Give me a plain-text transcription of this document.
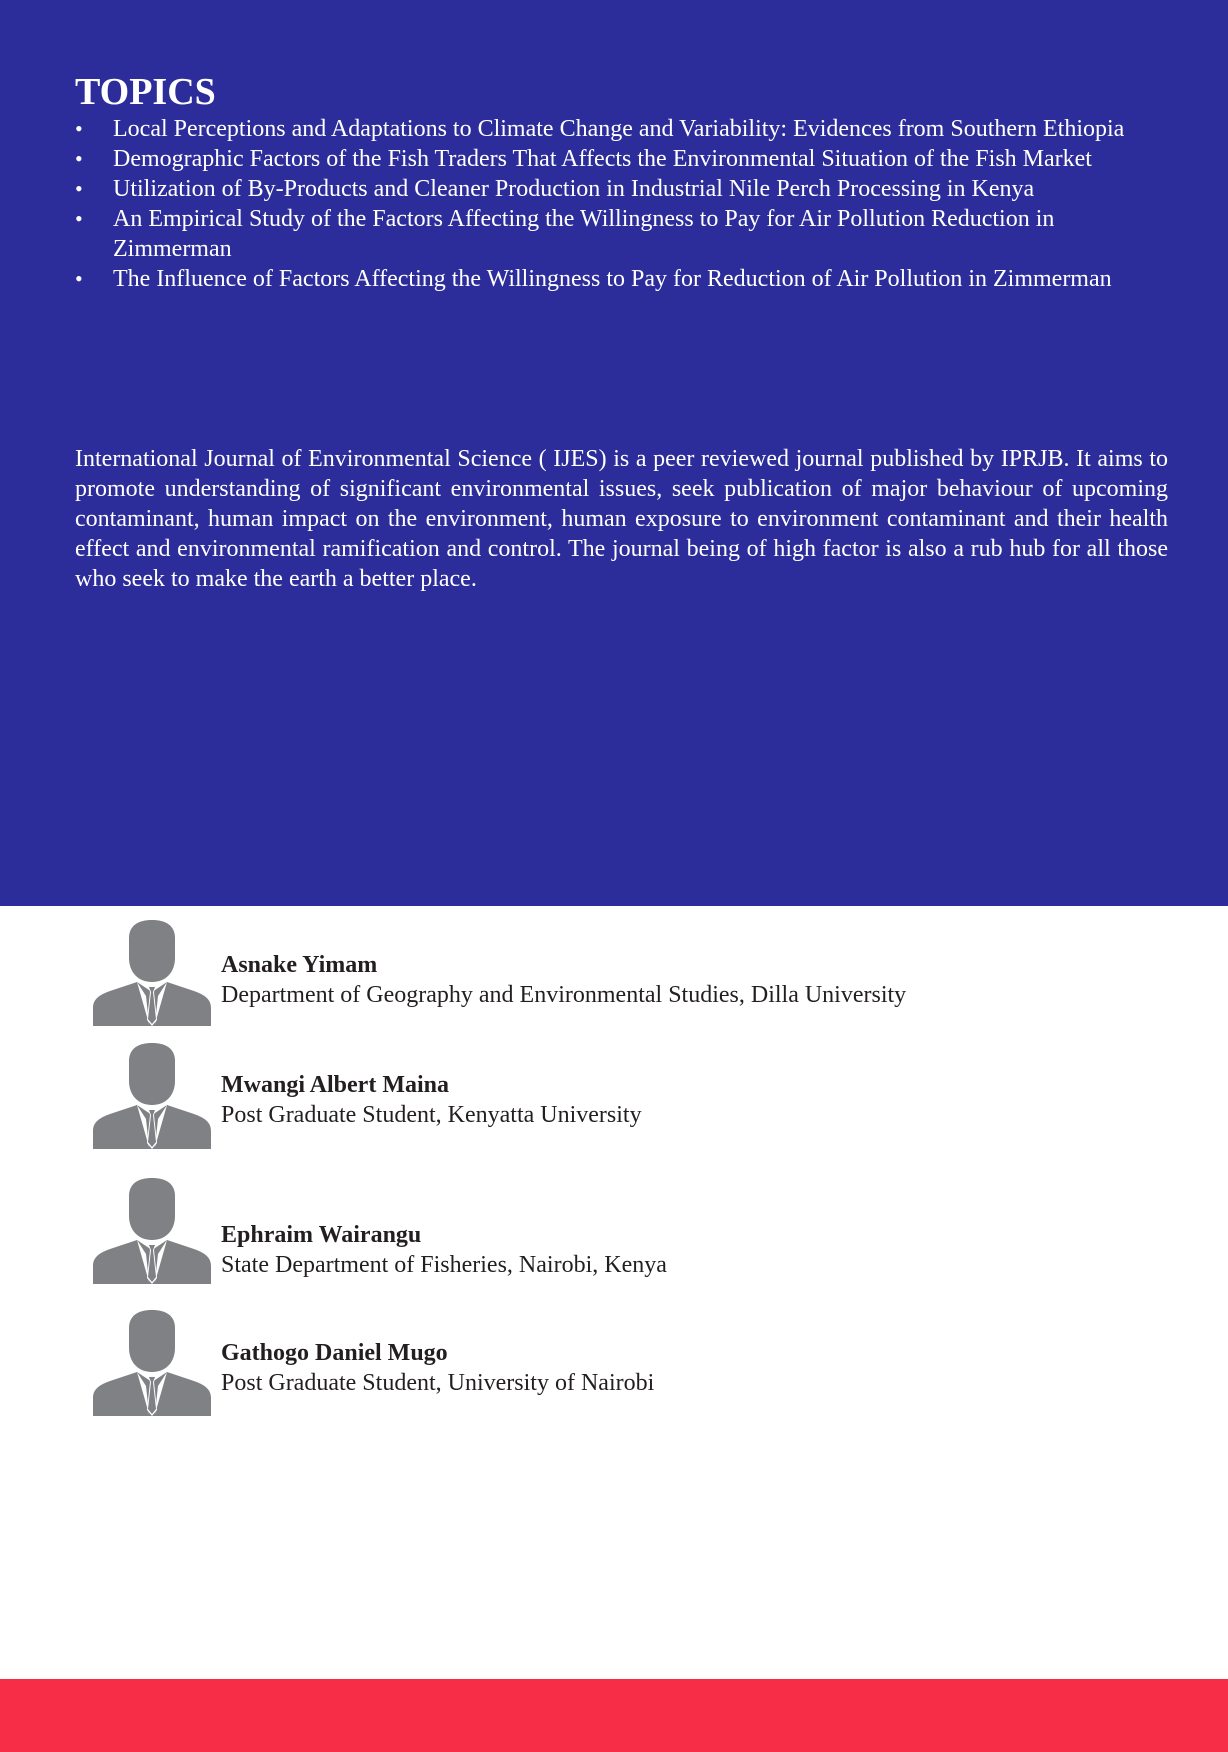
TOPICS
•	Local Perceptions and Adaptations to Climate Change and Variability: Evidences from Southern Ethiopia
•	Demographic Factors of the Fish Traders That Affects the Environmental Situation of the Fish Market
•	Utilization of By-Products and Cleaner Production in Industrial Nile Perch Processing in Kenya
•	An Empirical Study of the Factors Affecting the Willingness to Pay for Air Pollution Reduction in Zimmerman
•	The Influence of Factors Affecting the Willingness to Pay for Reduction of Air Pollution in Zimmerman

International Journal of Environmental Science ( IJES) is a peer reviewed journal published by IPRJB. It aims to promote understanding of significant environmental issues, seek publication of major behaviour of upcoming contaminant, human impact on the environment, human exposure to environment contaminant and their health effect and environmental ramification and control. The journal being of high factor is also a rub hub for all those who seek to make the earth a better place.

Asnake Yimam
Department of Geography and Environmental Studies, Dilla University
Mwangi Albert Maina
Post Graduate Student, Kenyatta University
Ephraim Wairangu
State Department of Fisheries, Nairobi, Kenya
Gathogo Daniel Mugo
Post Graduate Student, University of Nairobi
